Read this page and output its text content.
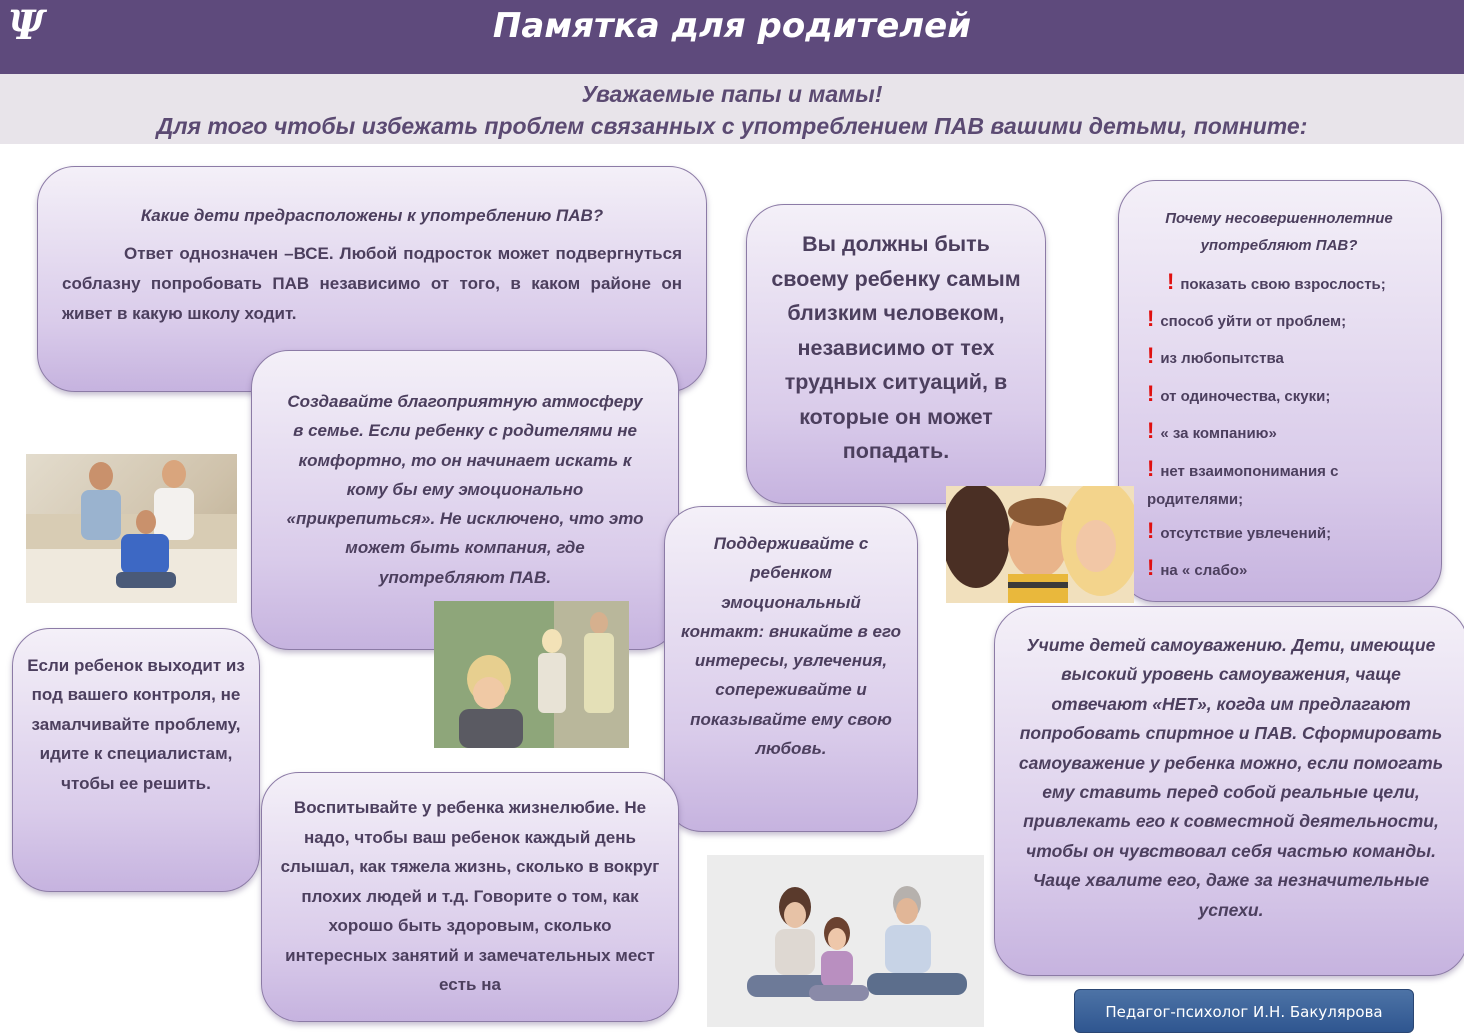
Ψ	Памятка для родителей
Уважаемые папы и мамы!
Для того чтобы избежать проблем связанных с употреблением ПАВ вашими детьми, помните:
Какие дети предрасположены к употреблению ПАВ?
Ответ однозначен –ВСЕ. Любой подросток может подвергнуться соблазну попробовать ПАВ независимо от того, в каком районе он живет в какую школу ходит.
Вы должны быть своему ребенку самым близким человеком, независимо от тех трудных ситуаций, в которые он может попадать.
Почему несовершеннолетние употребляют ПАВ?
! показать свою взрослость;
! способ уйти от проблем;
! из любопытства
! от одиночества, скуки;
! « за компанию»
! нет взаимопонимания с родителями;
! отсутствие увлечений;
! на « слабо»
Создавайте благоприятную атмосферу в семье. Если ребенку с родителями не комфортно, то он начинает искать к кому бы ему эмоционально «прикрепиться». Не исключено, что это может быть компания, где употребляют ПАВ.
Если ребенок выходит из под вашего контроля, не замалчивайте проблему, идите к специалистам, чтобы ее решить.
Поддерживайте с ребенком эмоциональный контакт: вникайте в его интересы, увлечения, сопереживайте и показывайте ему свою любовь.
Учите детей самоуважению. Дети, имеющие высокий уровень самоуважения, чаще отвечают «НЕТ», когда им предлагают попробовать спиртное и ПАВ. Сформировать самоуважение у ребенка можно, если помогать ему ставить перед собой реальные цели, привлекать его к совместной деятельности, чтобы он чувствовал себя частью команды. Чаще хвалите его, даже за незначительные успехи.
Воспитывайте у ребенка жизнелюбие. Не надо, чтобы ваш ребенок каждый день слышал, как тяжела жизнь, сколько в вокруг плохих людей и т.д. Говорите о том, как хорошо быть здоровым, сколько интересных занятий и замечательных мест есть на
Педагог-психолог И.Н. Бакулярова
